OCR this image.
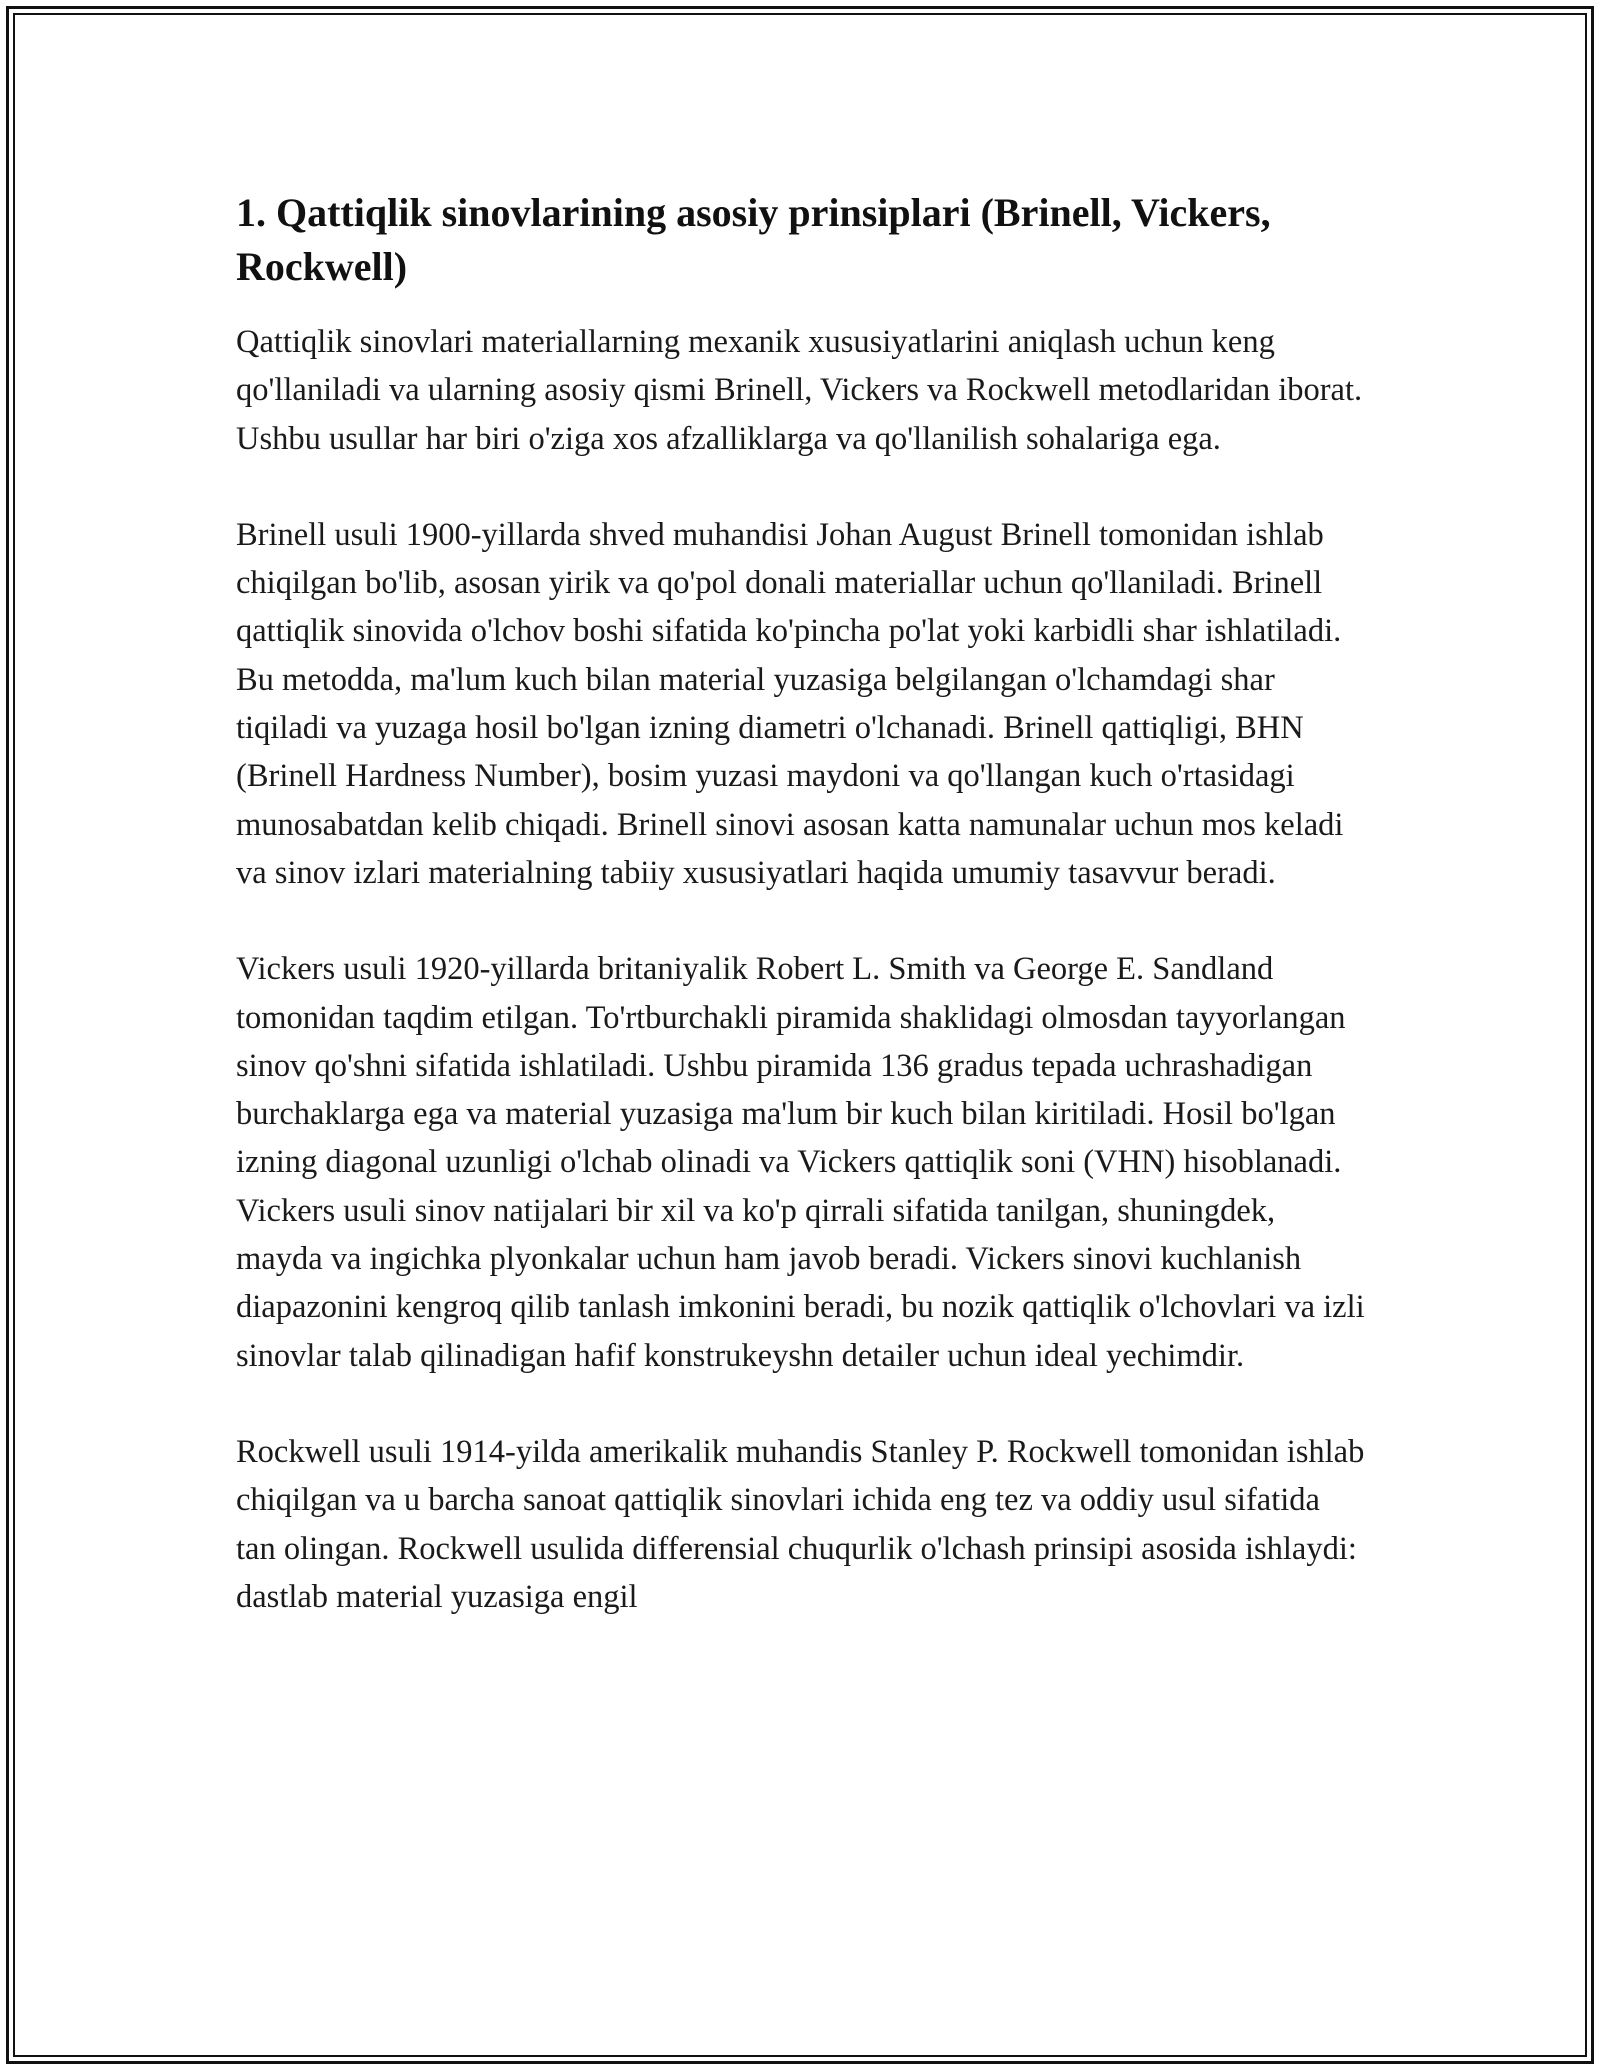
1. Qattiqlik sinovlarining asosiy prinsiplari (Brinell, Vickers, Rockwell)

Qattiqlik sinovlari materiallarning mexanik xususiyatlarini aniqlash uchun keng qo'llaniladi va ularning asosiy qismi Brinell, Vickers va Rockwell metodlaridan iborat. Ushbu usullar har biri o'ziga xos afzalliklarga va qo'llanilish sohalariga ega.

Brinell usuli 1900-yillarda shved muhandisi Johan August Brinell tomonidan ishlab chiqilgan bo'lib, asosan yirik va qo'pol donali materiallar uchun qo'llaniladi. Brinell qattiqlik sinovida o'lchov boshi sifatida ko'pincha po'lat yoki karbidli shar ishlatiladi. Bu metodda, ma'lum kuch bilan material yuzasiga belgilangan o'lchamdagi shar tiqiladi va yuzaga hosil bo'lgan izning diametri o'lchanadi. Brinell qattiqligi, BHN (Brinell Hardness Number), bosim yuzasi maydoni va qo'llangan kuch o'rtasidagi munosabatdan kelib chiqadi. Brinell sinovi asosan katta namunalar uchun mos keladi va sinov izlari materialning tabiiy xususiyatlari haqida umumiy tasavvur beradi.

Vickers usuli 1920-yillarda britaniyalik Robert L. Smith va George E. Sandland tomonidan taqdim etilgan. To'rtburchakli piramida shaklidagi olmosdan tayyorlangan sinov qo'shni sifatida ishlatiladi. Ushbu piramida 136 gradus tepada uchrashadigan burchaklarga ega va material yuzasiga ma'lum bir kuch bilan kiritiladi. Hosil bo'lgan izning diagonal uzunligi o'lchab olinadi va Vickers qattiqlik soni (VHN) hisoblanadi. Vickers usuli sinov natijalari bir xil va ko'p qirrali sifatida tanilgan, shuningdek, mayda va ingichka plyonkalar uchun ham javob beradi. Vickers sinovi kuchlanish diapazonini kengroq qilib tanlash imkonini beradi, bu nozik qattiqlik o'lchovlari va izli sinovlar talab qilinadigan hafif konstrukeyshn detailer uchun ideal yechimdir.

Rockwell usuli 1914-yilda amerikalik muhandis Stanley P. Rockwell tomonidan ishlab chiqilgan va u barcha sanoat qattiqlik sinovlari ichida eng tez va oddiy usul sifatida tan olingan. Rockwell usulida differensial chuqurlik o'lchash prinsipi asosida ishlaydi: dastlab material yuzasiga engil
